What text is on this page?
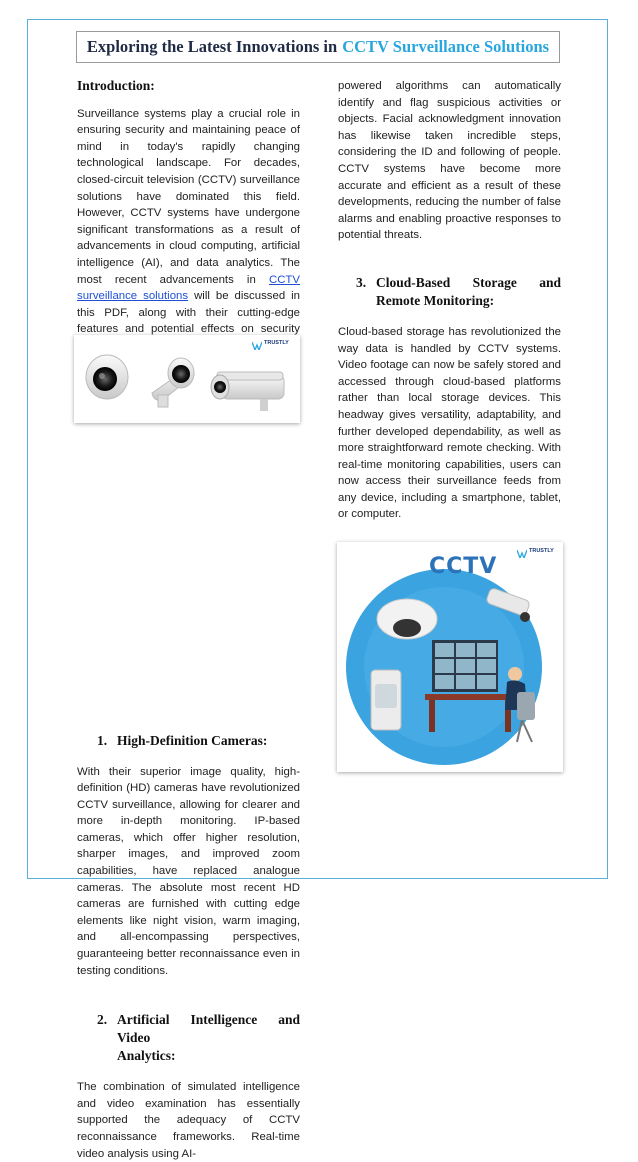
Exploring the Latest Innovations in CCTV Surveillance Solutions
Introduction:

Surveillance systems play a crucial role in ensuring security and maintaining peace of mind in today's rapidly changing technological landscape. For decades, closed-circuit television (CCTV) surveillance solutions have dominated this field. However, CCTV systems have undergone significant transformations as a result of advancements in cloud computing, artificial intelligence (AI), and data analytics. The most recent advancements in CCTV surveillance solutions will be discussed in this PDF, along with their cutting-edge features and potential effects on security

1. High-Definition Cameras:

With their superior image quality, high-definition (HD) cameras have revolutionized CCTV surveillance, allowing for clearer and more in-depth monitoring. IP-based cameras, which offer higher resolution, sharper images, and improved zoom capabilities, have replaced analogue cameras. The absolute most recent HD cameras are furnished with cutting edge elements like night vision, warm imaging, and all-encompassing perspectives, guaranteeing better reconnaissance even in testing conditions.

2. Artificial Intelligence and Video
Analytics:

The combination of simulated intelligence and video examination has essentially supported the adequacy of CCTV reconnaissance frameworks. Real-time video analysis using AI-

powered algorithms can automatically identify and flag suspicious activities or objects. Facial acknowledgment innovation has likewise taken incredible steps, considering the ID and following of people. CCTV systems have become more accurate and efficient as a result of these developments, reducing the number of false alarms and enabling proactive responses to potential threats.

3. Cloud-Based Storage and
Remote Monitoring:

Cloud-based storage has revolutionized the way data is handled by CCTV systems. Video footage can now be safely stored and accessed through cloud-based platforms rather than local storage devices. This headway gives versatility, adaptability, and further developed dependability, as well as more straightforward remote checking. With real-time monitoring capabilities, users can now access their surveillance feeds from any device, including a smartphone, tablet, or computer.

TRUSTLY

CCTV
TRUSTLY
